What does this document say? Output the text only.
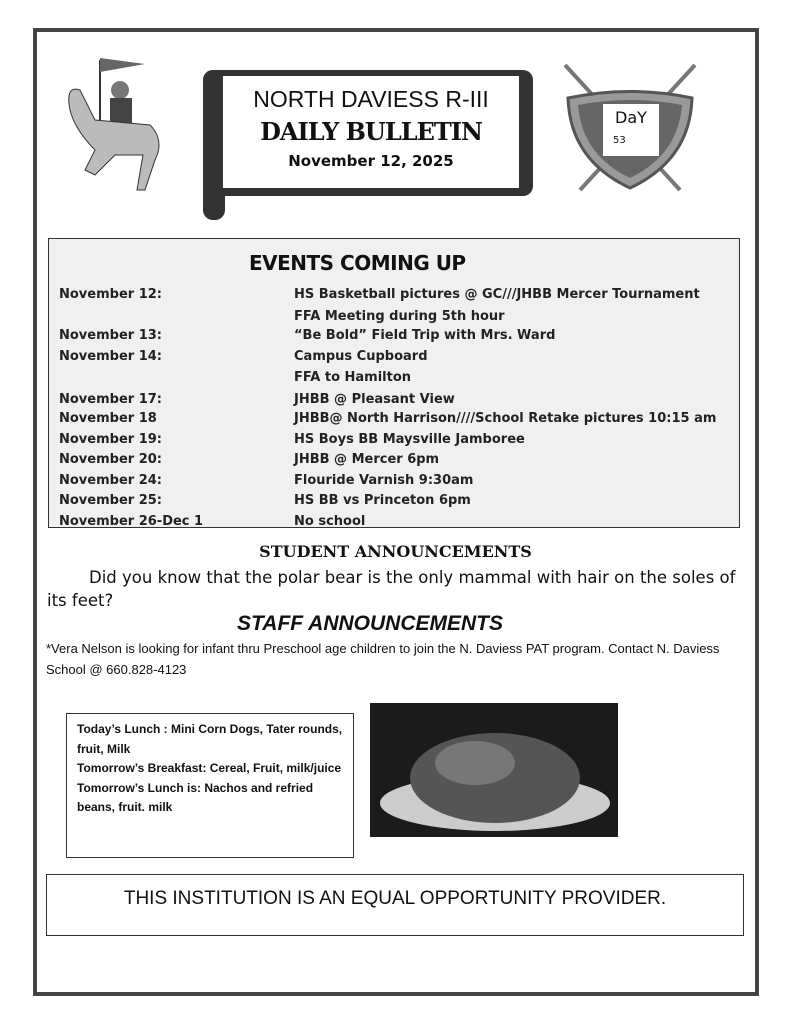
NORTH DAVIESS R-III
DAILY BULLETIN
November 12, 2025
DaY
53
EVENTS COMING UP
November 12:	HS Basketball pictures @ GC///JHBB Mercer Tournament
FFA Meeting during 5th hour
November 13:	“Be Bold” Field Trip with Mrs. Ward
November 14:	Campus Cupboard
FFA to Hamilton
November 17:	JHBB @ Pleasant View
November 18	JHBB@ North Harrison////School Retake pictures 10:15 am
November 19:	HS Boys BB Maysville Jamboree
November 20:	JHBB @ Mercer 6pm
November 24:	Flouride Varnish 9:30am
November 25:	HS BB vs Princeton 6pm
November 26-Dec 1	No school
STUDENT ANNOUNCEMENTS
Did you know that the polar bear is the only mammal with hair on the soles of its feet?
STAFF ANNOUNCEMENTS
*Vera Nelson is looking for infant thru Preschool age children to join the N. Daviess PAT program. Contact N. Daviess School @ 660.828-4123
Today’s Lunch : Mini Corn Dogs, Tater rounds, fruit, Milk
Tomorrow’s Breakfast: Cereal, Fruit, milk/juice
Tomorrow’s Lunch is: Nachos and refried beans, fruit. milk
THIS INSTITUTION IS AN EQUAL OPPORTUNITY PROVIDER.
